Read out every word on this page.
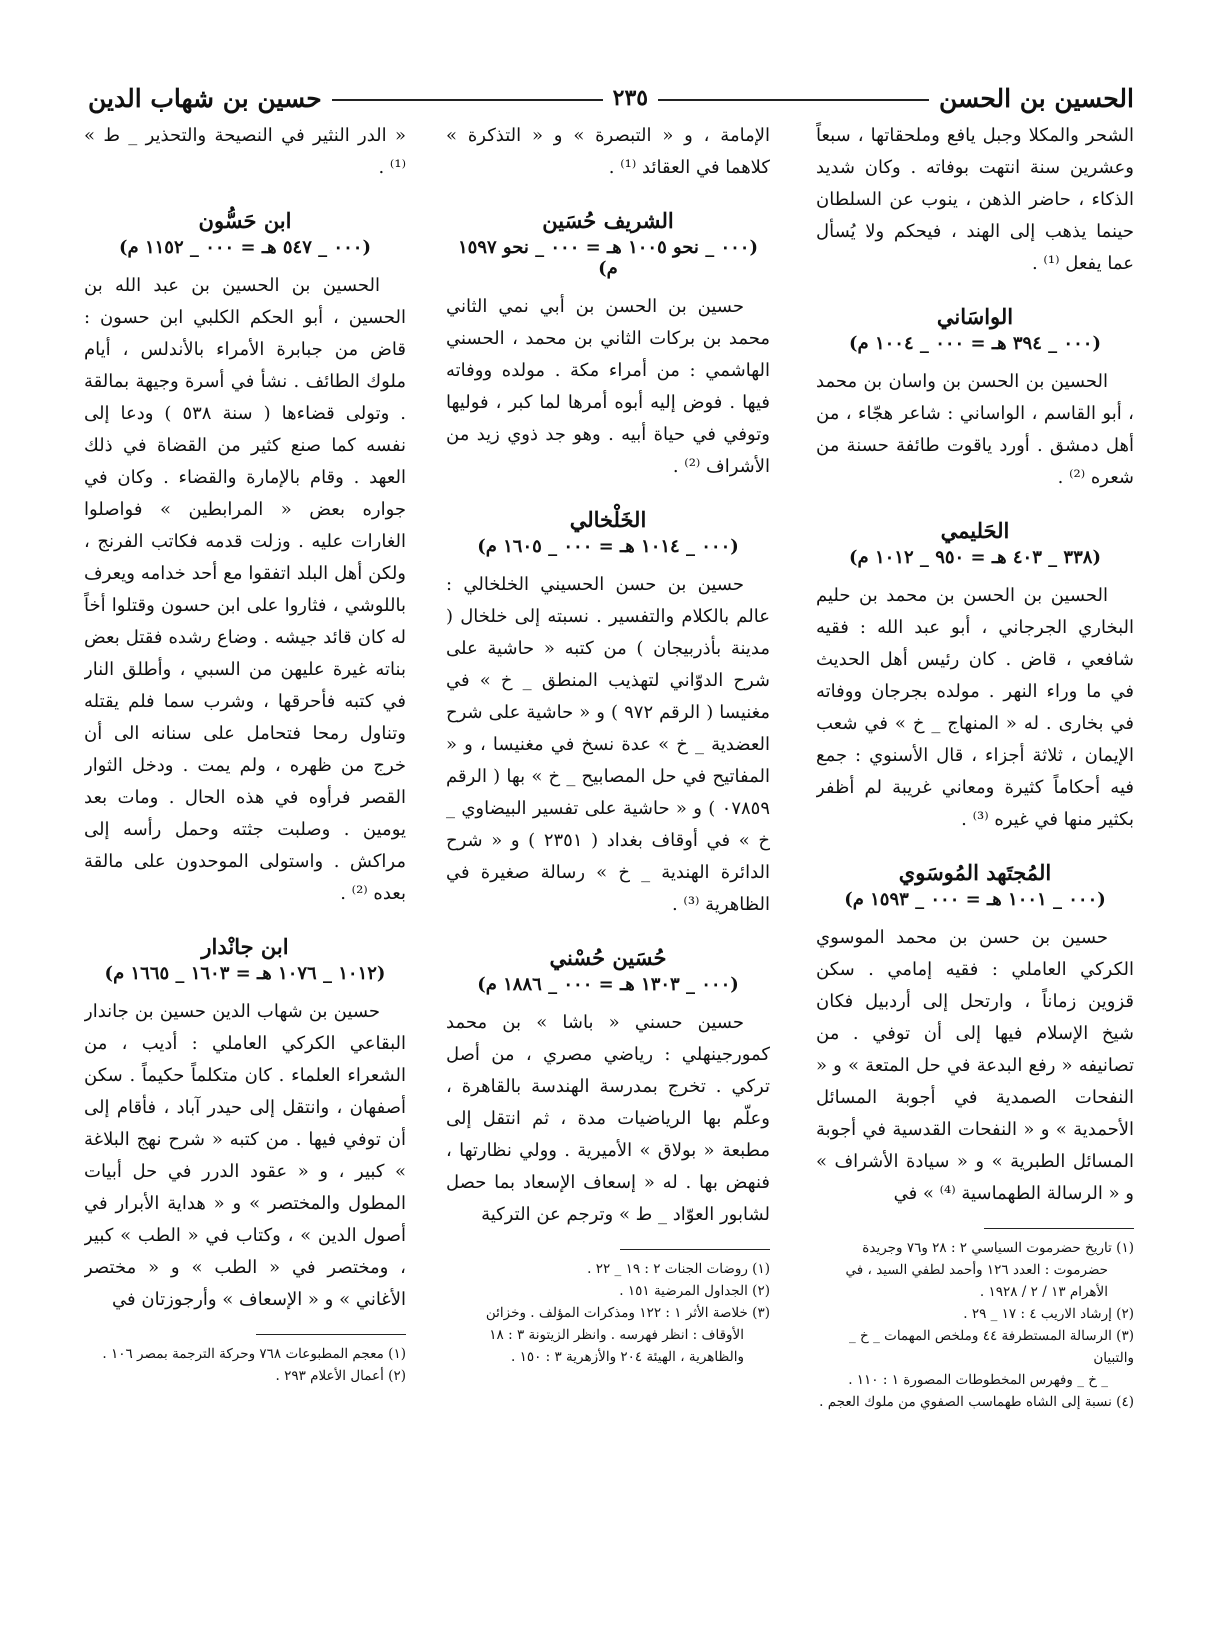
الحسين بن الحسن
٢٣٥
حسين بن شهاب الدين

الشحر والمكلا وجبل يافع وملحقاتها ، سبعاً وعشرين سنة انتهت بوفاته . وكان شديد الذكاء ، حاضر الذهن ، ينوب عن السلطان حينما يذهب إلى الهند ، فيحكم ولا يُسأل عما يفعل ⁽¹⁾ .

الواسَاني
(٠٠٠ _ ٣٩٤ هـ = ٠٠٠ _ ١٠٠٤ م)

الحسين بن الحسن بن واسان بن محمد ، أبو القاسم ، الواساني : شاعر هجّاء ، من أهل دمشق . أورد ياقوت طائفة حسنة من شعره ⁽²⁾ .

الحَليمي
(٣٣٨ _ ٤٠٣ هـ = ٩٥٠ _ ١٠١٢ م)

الحسين بن الحسن بن محمد بن حليم البخاري الجرجاني ، أبو عبد الله : فقيه شافعي ، قاض . كان رئيس أهل الحديث في ما وراء النهر . مولده بجرجان ووفاته في بخارى . له « المنهاج _ خ » في شعب الإيمان ، ثلاثة أجزاء ، قال الأسنوي : جمع فيه أحكاماً كثيرة ومعاني غريبة لم أظفر بكثير منها في غيره ⁽³⁾ .

المُجتَهد المُوسَوي
(٠٠٠ _ ١٠٠١ هـ = ٠٠٠ _ ١٥٩٣ م)

حسين بن حسن بن محمد الموسوي الكركي العاملي : فقيه إمامي . سكن قزوين زماناً ، وارتحل إلى أردبيل فكان شيخ الإسلام فيها إلى أن توفي . من تصانيفه « رفع البدعة في حل المتعة » و « النفحات الصمدية في أجوبة المسائل الأحمدية » و « النفحات القدسية في أجوبة المسائل الطبرية » و « سيادة الأشراف » و « الرسالة الطهماسية ⁽⁴⁾ » في

(١) تاريخ حضرموت السياسي ٢ : ٢٨ و٧٦ وجريدة

حضرموت : العدد ١٢٦ وأحمد لطفي السيد ، في

الأهرام ١٣ / ٢ / ١٩٢٨ .

(٢) إرشاد الاريب ٤ : ١٧ _ ٢٩ .

(٣) الرسالة المستطرفة ٤٤ وملخص المهمات _ خ _ والتبيان

_ خ _ وفهرس المخطوطات المصورة ١ : ١١٠ .

(٤) نسبة إلى الشاه طهماسب الصفوي من ملوك العجم .

الإمامة ، و « التبصرة » و « التذكرة » كلاهما في العقائد ⁽¹⁾ .

الشريف حُسَين
(٠٠٠ _ نحو ١٠٠٥ هـ = ٠٠٠ _ نحو ١٥٩٧ م)

حسين بن الحسن بن أبي نمي الثاني محمد بن بركات الثاني بن محمد ، الحسني الهاشمي : من أمراء مكة . مولده ووفاته فيها . فوض إليه أبوه أمرها لما كبر ، فوليها وتوفي في حياة أبيه . وهو جد ذوي زيد من الأشراف ⁽²⁾ .

الخَلْخالي
(٠٠٠ _ ١٠١٤ هـ = ٠٠٠ _ ١٦٠٥ م)

حسين بن حسن الحسيني الخلخالي : عالم بالكلام والتفسير . نسبته إلى خلخال ( مدينة بأذربيجان ) من كتبه « حاشية على شرح الدوّاني لتهذيب المنطق _ خ » في مغنيسا ( الرقم ٩٧٢ ) و « حاشية على شرح العضدية _ خ » عدة نسخ في مغنيسا ، و « المفاتيح في حل المصابيح _ خ » بها ( الرقم ٠٧٨٥٩ ) و « حاشية على تفسير البيضاوي _ خ » في أوقاف بغداد ( ٢٣٥١ ) و « شرح الدائرة الهندية _ خ » رسالة صغيرة في الظاهرية ⁽³⁾ .

حُسَين حُسْني
(٠٠٠ _ ١٣٠٣ هـ = ٠٠٠ _ ١٨٨٦ م)

حسين حسني « باشا » بن محمد كمورجينهلي : رياضي مصري ، من أصل تركي . تخرج بمدرسة الهندسة بالقاهرة ، وعلّم بها الرياضيات مدة ، ثم انتقل إلى مطبعة « بولاق » الأميرية . وولي نظارتها ، فنهض بها . له « إسعاف الإسعاد بما حصل لشابور العوّاد _ ط » وترجم عن التركية

(١) روضات الجنات ٢ : ١٩ _ ٢٢ .

(٢) الجداول المرضية ١٥١ .

(٣) خلاصة الأثر ١ : ١٢٢ ومذكرات المؤلف . وخزائن

الأوقاف : انظر فهرسه . وانظر الزيتونة ٣ : ١٨

والظاهرية ، الهيئة ٢٠٤ والأزهرية ٣ : ١٥٠ .

« الدر النثير في النصيحة والتحذير _ ط » ⁽¹⁾ .

ابن حَسُّون
(٠٠٠ _ ٥٤٧ هـ = ٠٠٠ _ ١١٥٢ م)

الحسين بن الحسين بن عبد الله بن الحسين ، أبو الحكم الكلبي ابن حسون : قاض من جبابرة الأمراء بالأندلس ، أيام ملوك الطائف . نشأ في أسرة وجيهة بمالقة . وتولى قضاءها ( سنة ٥٣٨ ) ودعا إلى نفسه كما صنع كثير من القضاة في ذلك العهد . وقام بالإمارة والقضاء . وكان في جواره بعض « المرابطين » فواصلوا الغارات عليه . وزلت قدمه فكاتب الفرنج ، ولكن أهل البلد اتفقوا مع أحد خدامه ويعرف باللوشي ، فثاروا على ابن حسون وقتلوا أخاً له كان قائد جيشه . وضاع رشده فقتل بعض بناته غيرة عليهن من السبي ، وأطلق النار في كتبه فأحرقها ، وشرب سما فلم يقتله وتناول رمحا فتحامل على سنانه الى أن خرج من ظهره ، ولم يمت . ودخل الثوار القصر فرأوه في هذه الحال . ومات بعد يومين . وصلبت جثته وحمل رأسه إلى مراكش . واستولى الموحدون على مالقة بعده ⁽²⁾ .

ابن جانْدار
(١٠١٢ _ ١٠٧٦ هـ = ١٦٠٣ _ ١٦٦٥ م)

حسين بن شهاب الدين حسين بن جاندار البقاعي الكركي العاملي : أديب ، من الشعراء العلماء . كان متكلماً حكيماً . سكن أصفهان ، وانتقل إلى حيدر آباد ، فأقام إلى أن توفي فيها . من كتبه « شرح نهج البلاغة » كبير ، و « عقود الدرر في حل أبيات المطول والمختصر » و « هداية الأبرار في أصول الدين » ، وكتاب في « الطب » كبير ، ومختصر في « الطب » و « مختصر الأغاني » و « الإسعاف » وأرجوزتان في

(١) معجم المطبوعات ٧٦٨ وحركة الترجمة بمصر ١٠٦ .

(٢) أعمال الأعلام ٢٩٣ .
